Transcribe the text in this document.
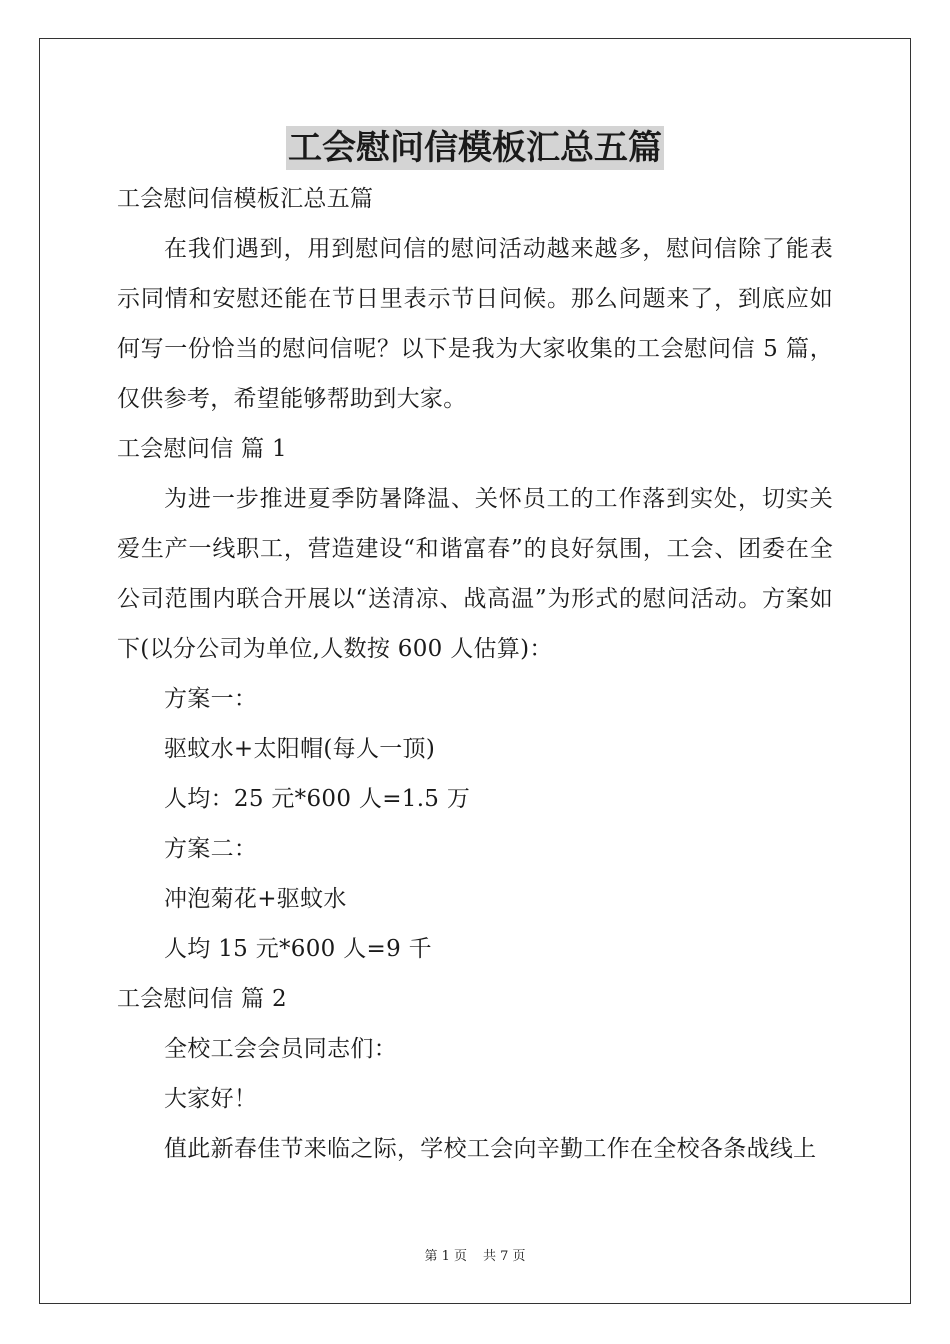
工会慰问信模板汇总五篇

工会慰问信模板汇总五篇

在我们遇到，用到慰问信的慰问活动越来越多，慰问信除了能表示同情和安慰还能在节日里表示节日问候。那么问题来了，到底应如何写一份恰当的慰问信呢？以下是我为大家收集的工会慰问信 5 篇，仅供参考，希望能够帮助到大家。

工会慰问信 篇 1

为进一步推进夏季防暑降温、关怀员工的工作落到实处，切实关爱生产一线职工，营造建设“和谐富春”的良好氛围，工会、团委在全公司范围内联合开展以“送清凉、战高温”为形式的慰问活动。方案如下(以分公司为单位,人数按 600 人估算)：

方案一：

驱蚊水+太阳帽(每人一顶)

人均：25 元*600 人=1.5 万

方案二：

冲泡菊花+驱蚊水

人均 15 元*600 人=9 千

工会慰问信 篇 2

全校工会会员同志们：

大家好！

值此新春佳节来临之际，学校工会向辛勤工作在全校各条战线上

第 1 页 共 7 页
